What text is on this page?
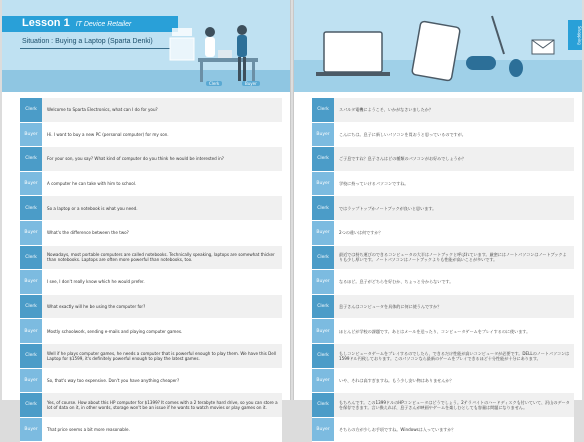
Lesson 1 IT Device Retailer
Situation : Buying a Laptop (Sparta Denki)
Clerk	Buyer
Clerk	Welcome to Sparta Electronics, what can I do for you?
Buyer	Hi. I want to buy a new PC (personal computer) for my son.
Clerk	For your son, you say? What kind of computer do you think he would be interested in?
Buyer	A computer he can take with him to school.
Clerk	So a laptop or a notebook is what you need.
Buyer	What's the difference between the two?
Clerk	Nowadays, most portable computers are called notebooks. Technically speaking, laptops are somewhat thicker than notebooks. Laptops are often more powerful than notebooks, too.
Buyer	I see, I don't really know which he would prefer.
Clerk	What exactly will he be using the computer for?
Buyer	Mostly schoolwork, sending e-mails and playing computer games.
Clerk	Well if he plays computer games, he needs a computer that is powerful enough to play them. We have this Dell Laptop for $1599, it's definitely powerful enough to play the latest games.
Buyer	So, that's way too expensive. Don't you have anything cheaper?
Clerk	Yes, of course. How about this HP computer for $1399? It comes with a 2 terabyte hard drive, so you can store a lot of data on it, in other words, storage won't be an issue if he wants to watch movies or play games on it.
Buyer	That price seems a bit more reasonable.
Shopping
Clerk	スパルタ電機にようこそ、いかがなさいましたか？
Buyer	こんにちは。息子に新しいパソコンを買おうと思っているのですが。
Clerk	ご子息ですね？息子さんはどの種類のパソコンがお好みでしょうか？
Buyer	学校に持っていけるパソコンですね。
Clerk	ではラップトップかノートブックが良いと思います。
Buyer	2つの違いは何ですか？
Clerk	最近では持ち運びのできるコンピュータの大半はノートブックと呼ばれています。厳密にはノートパソコンはノートブックよりも少し厚いです。ノートパソコンはノートブックよりも性能が高いことが多いです。
Buyer	なるほど。息子がどちらを好むか、ちょっと分からないです。
Clerk	息子さんはコンピュータを具体的に何に使うんですか？
Buyer	ほとんどが学校の課題です。あとはメールを送ったり、コンピュータゲームをプレイするのに使います。
Clerk	もしコンピュータゲームをプレイするのでしたら、できるだけ性能が高いコンピュータが必要です。DELLのノートパソコンは1599ドル円致しております。このパソコンなら最新のゲームをプレイできるほど十分性能が十分にあります。
Buyer	いや、それは高すぎますね。もう少し安い物はありませんか？
Clerk	もちろんです。この1399ドルのHPコンピュータはどうでしょう。2テラバイトのハードディスクも付いていて、沢山のデータを保存できます。言い換えれば、息子さんが映画やゲームを楽しむとしても容量は問題になりません。
Buyer	そちらの方が少しお手頃ですね。Windowsは入っていますか？
